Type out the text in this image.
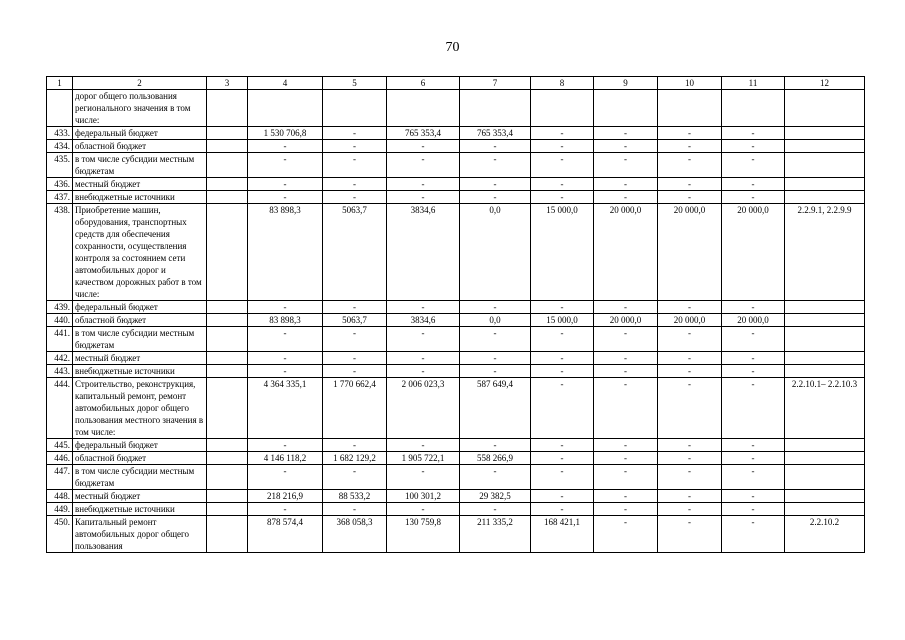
70
1	2	3	4	5	6	7	8	9	10	11	12
	дорог общего пользования регионального значения в том числе:										
433.	федеральный бюджет		1 530 706,8	-	765 353,4	765 353,4	-	-	-	-	
434.	областной бюджет		-	-	-	-	-	-	-	-	
435.	в том числе субсидии местным бюджетам		-	-	-	-	-	-	-	-	
436.	местный бюджет		-	-	-	-	-	-	-	-	
437.	внебюджетные источники		-	-	-	-	-	-	-	-	
438.	Приобретение машин, оборудования, транспортных средств для обеспечения сохранности, осуществления контроля за состоянием сети автомобильных дорог и качеством дорожных работ в том числе:		83 898,3	5063,7	3834,6	0,0	15 000,0	20 000,0	20 000,0	20 000,0	2.2.9.1, 2.2.9.9
439.	федеральный бюджет		-	-	-	-	-	-	-	-	
440.	областной бюджет		83 898,3	5063,7	3834,6	0,0	15 000,0	20 000,0	20 000,0	20 000,0	
441.	в том числе субсидии местным бюджетам		-	-	-	-	-	-	-	-	
442.	местный бюджет		-	-	-	-	-	-	-	-	
443.	внебюджетные источники		-	-	-	-	-	-	-	-	
444.	Строительство, реконструкция, капитальный ремонт, ремонт автомобильных дорог общего пользования местного значения в том числе:		4 364 335,1	1 770 662,4	2 006 023,3	587 649,4	-	-	-	-	2.2.10.1– 2.2.10.3
445.	федеральный бюджет		-	-	-	-	-	-	-	-	
446.	областной бюджет		4 146 118,2	1 682 129,2	1 905 722,1	558 266,9	-	-	-	-	
447.	в том числе субсидии местным бюджетам		-	-	-	-	-	-	-	-	
448.	местный бюджет		218 216,9	88 533,2	100 301,2	29 382,5	-	-	-	-	
449.	внебюджетные источники		-	-	-	-	-	-	-	-	
450.	Капитальный ремонт автомобильных дорог общего пользования		878 574,4	368 058,3	130 759,8	211 335,2	168 421,1	-	-	-	2.2.10.2
